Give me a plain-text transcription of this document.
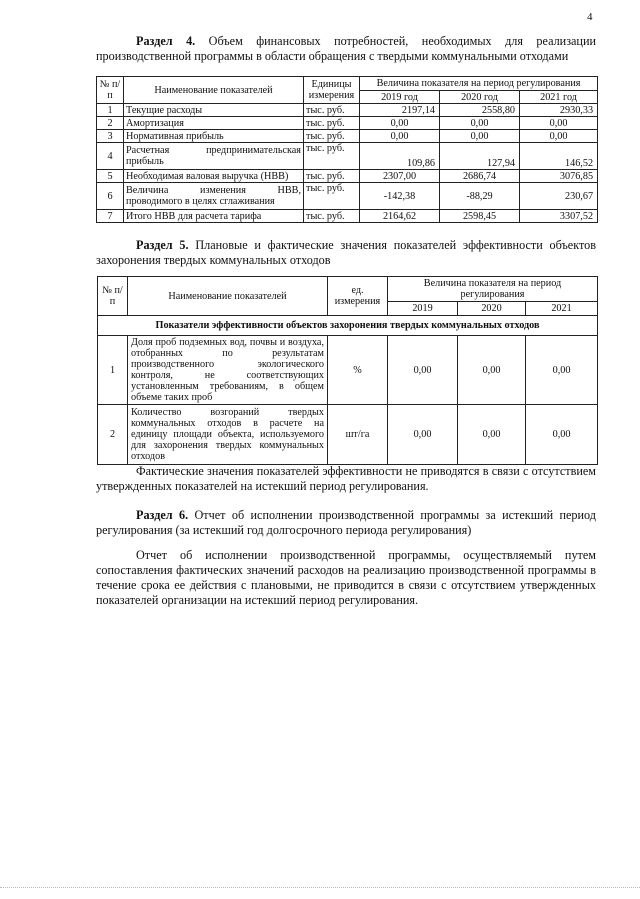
4
Раздел 4. Объем финансовых потребностей, необходимых для реализации производственной программы в области обращения с твердыми коммунальными отходами
№ п/п	Наименование показателей	Единицы измерения	Величина показателя на период регулирования		
			2019 год	2020 год	2021 год
1	Текущие расходы	тыс. руб.	2197,14	2558,80	2930,33
2	Амортизация	тыс. руб.	0,00	0,00	0,00
3	Нормативная прибыль	тыс. руб.	0,00	0,00	0,00
4	Расчетная предпринимательская прибыль	тыс. руб.	109,86	127,94	146,52
5	Необходимая валовая выручка (НВВ)	тыс. руб.	2307,00	2686,74	3076,85
6	Величина изменения НВВ, проводимого в целях сглаживания	тыс. руб.	-142,38	-88,29	230,67
7	Итого НВВ для расчета тарифа	тыс. руб.	2164,62	2598,45	3307,52
Раздел 5. Плановые и фактические значения показателей эффективности объектов захоронения твердых коммунальных отходов
№ п/п	Наименование показателей	ед. измерения	Величина показателя на период регулирования		
			2019	2020	2021
Показатели эффективности объектов захоронения твердых коммунальных отходов					
1	Доля проб подземных вод, почвы и воздуха, отобранных по результатам производственного экологического контроля, не соответствующих установленным требованиям, в общем объеме таких проб	%	0,00	0,00	0,00
2	Количество возгораний твердых коммунальных отходов в расчете на единицу площади объекта, используемого для захоронения твердых коммунальных отходов	шт/га	0,00	0,00	0,00
Фактические значения показателей эффективности не приводятся в связи с отсутствием утвержденных показателей на истекший период регулирования.
Раздел 6. Отчет об исполнении производственной программы за истекший период регулирования (за истекший год долгосрочного периода регулирования)
Отчет об исполнении производственной программы, осуществляемый путем сопоставления фактических значений расходов на реализацию производственной программы в течение срока ее действия с плановыми, не приводится в связи с отсутствием утвержденных показателей организации на истекший период регулирования.
